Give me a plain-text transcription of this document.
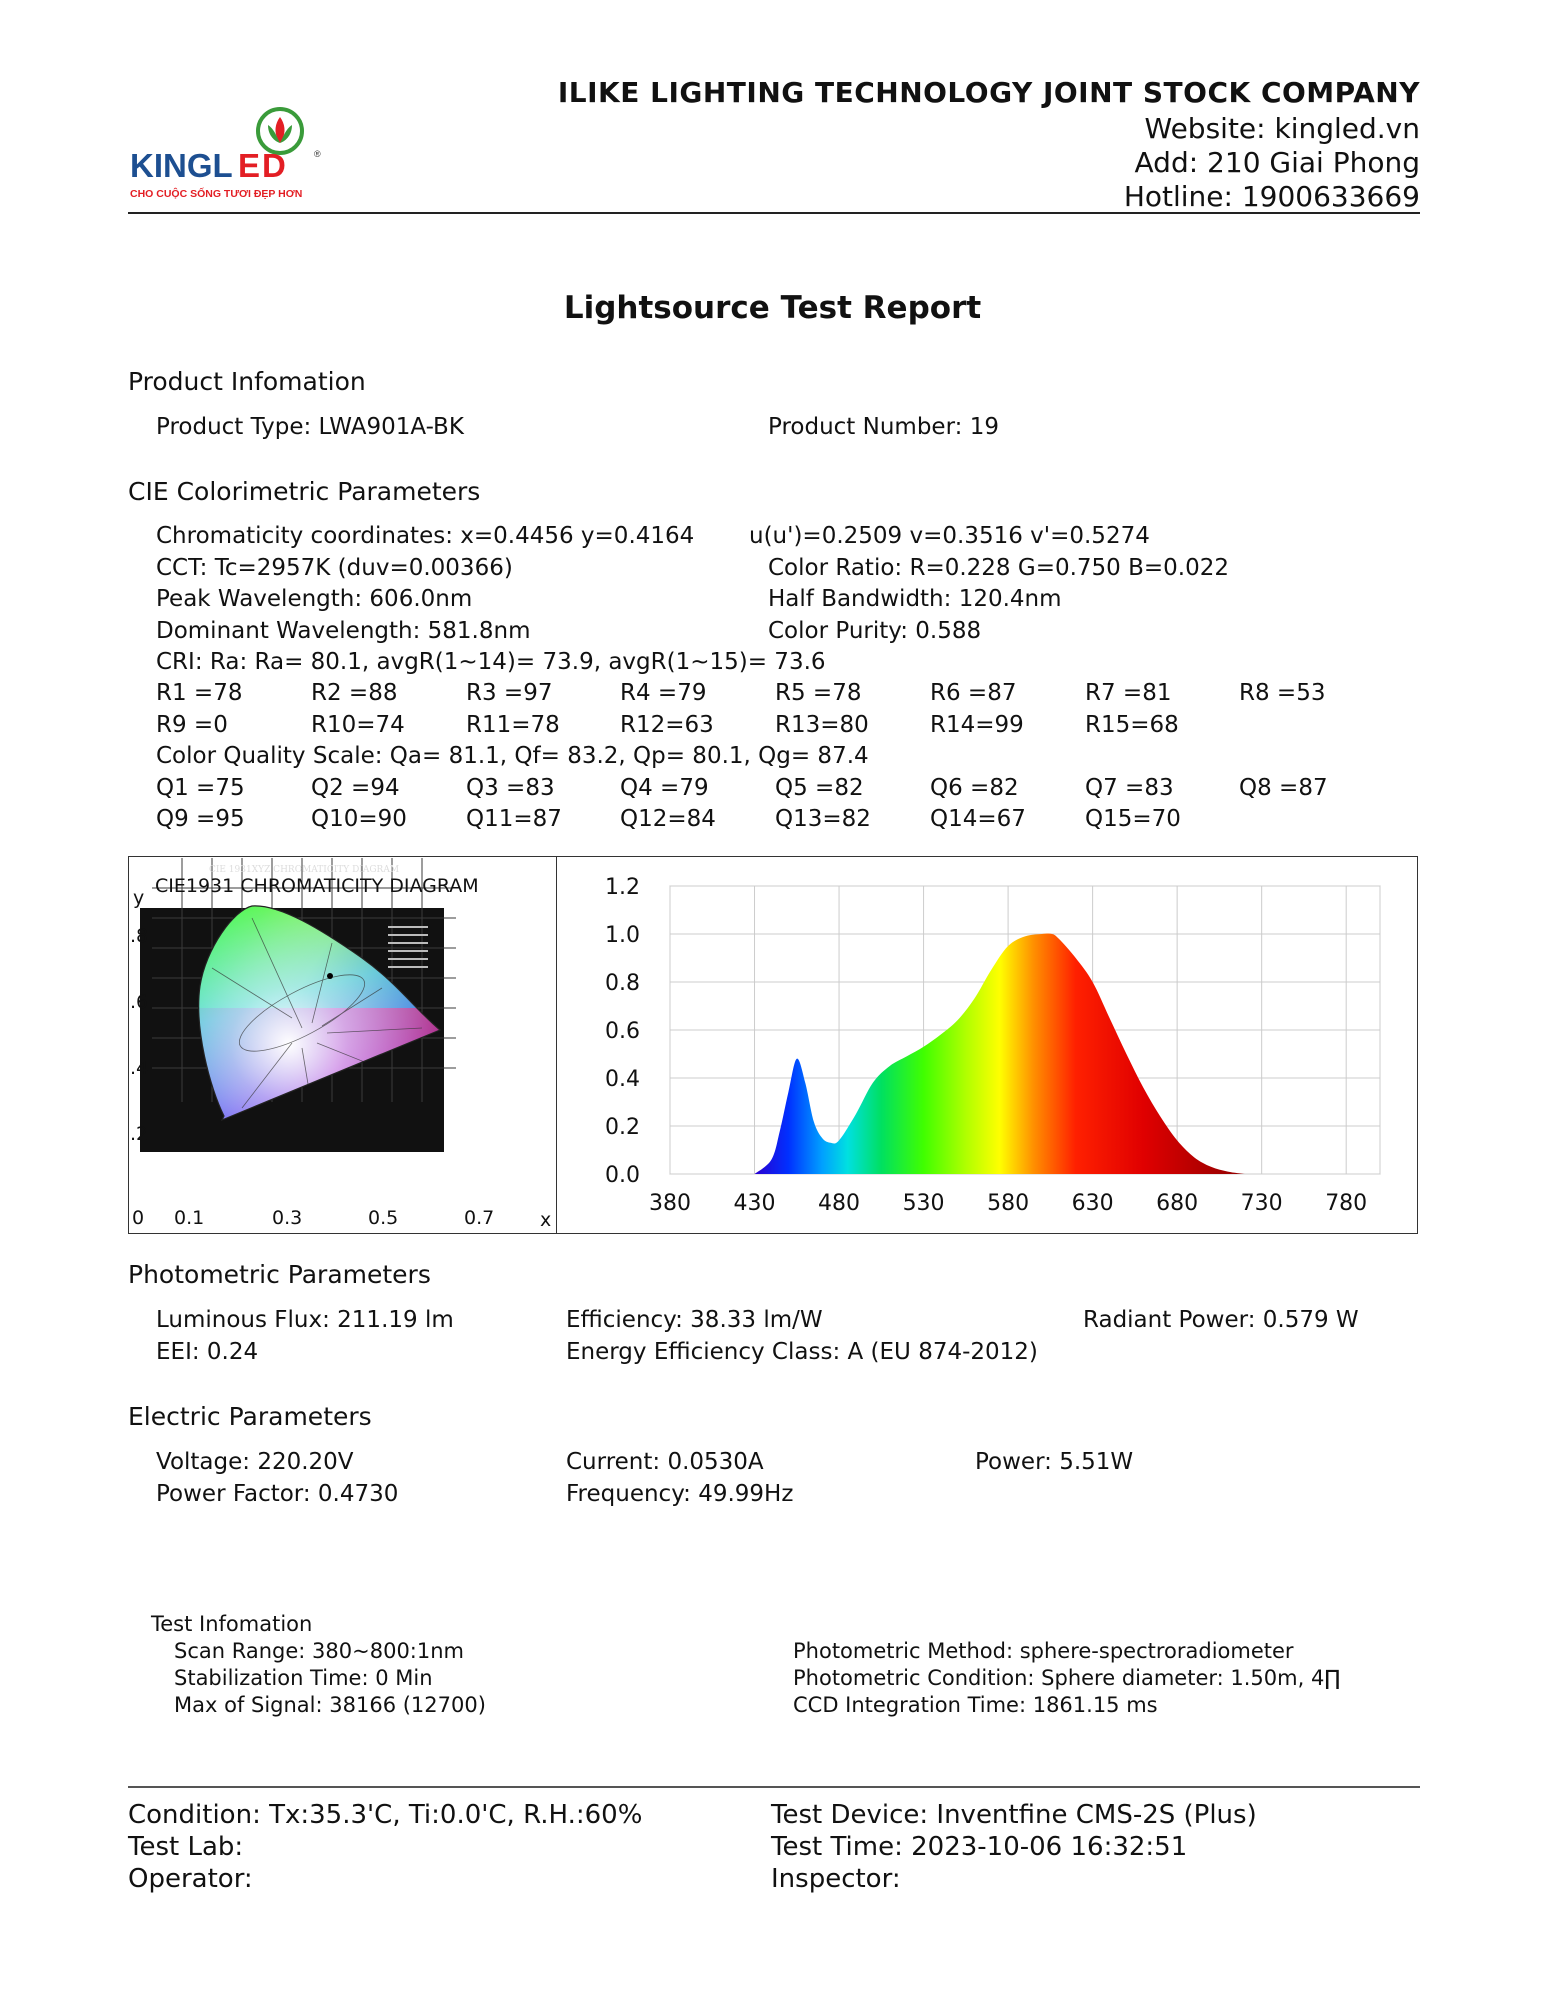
KINGL E D	®
CHO CUỘC SỐNG TƯƠI ĐẸP HƠN
ILIKE LIGHTING TECHNOLOGY JOINT STOCK COMPANY
Website: kingled.vn
Add: 210 Giai Phong
Hotline: 1900633669
Lightsource Test Report
Product Infomation
Product Type: LWA901A-BK	Product Number: 19
CIE Colorimetric Parameters
Chromaticity coordinates: x=0.4456 y=0.4164 u(u')=0.2509 v=0.3516 v'=0.5274
CCT: Tc=2957K (duv=0.00366)	Color Ratio: R=0.228 G=0.750 B=0.022
Peak Wavelength: 606.0nm	Half Bandwidth: 120.4nm
Dominant Wavelength: 581.8nm	Color Purity: 0.588
CRI: Ra: Ra= 80.1, avgR(1~14)= 73.9, avgR(1~15)= 73.6
R1 =78	R2 =88	R3 =97	R4 =79	R5 =78	R6 =87	R7 =81	R8 =53
R9 =0	R10=74	R11=78	R12=63	R13=80	R14=99	R15=68
Color Quality Scale: Qa= 81.1, Qf= 83.2, Qp= 80.1, Qg= 87.4
Q1 =75	Q2 =94	Q3 =83	Q4 =79	Q5 =82	Q6 =82	Q7 =83	Q8 =87
Q9 =95	Q10=90	Q11=87	Q12=84	Q13=82	Q14=67	Q15=70
CIE 1931XYZ CHROMATICITY DIAGRAM
CIE1931 CHROMATICITY DIAGRAM
y
.8
.6
.4
.2
0 0.1	0.3	0.5	0.7 x
0.0
0.2
0.4
0.6
0.8
1.0
1.2
380 430 480 530 580 630 680 730 780
Photometric Parameters
Luminous Flux: 211.19 lm	Efficiency: 38.33 lm/W	Radiant Power: 0.579 W
EEI: 0.24	Energy Efficiency Class: A (EU 874-2012)
Electric Parameters
Voltage: 220.20V	Current: 0.0530A	Power: 5.51W
Power Factor: 0.4730	Frequency: 49.99Hz
Test Infomation
Scan Range: 380~800:1nm
Stabilization Time: 0 Min
Max of Signal: 38166 (12700)
Photometric Method: sphere-spectroradiometer
Photometric Condition: Sphere diameter: 1.50m, 4∏
CCD Integration Time: 1861.15 ms
Condition: Tx:35.3'C, Ti:0.0'C, R.H.:60%	Test Device: Inventfine CMS-2S (Plus)
Test Lab:	Test Time: 2023-10-06 16:32:51
Operator:	Inspector:
